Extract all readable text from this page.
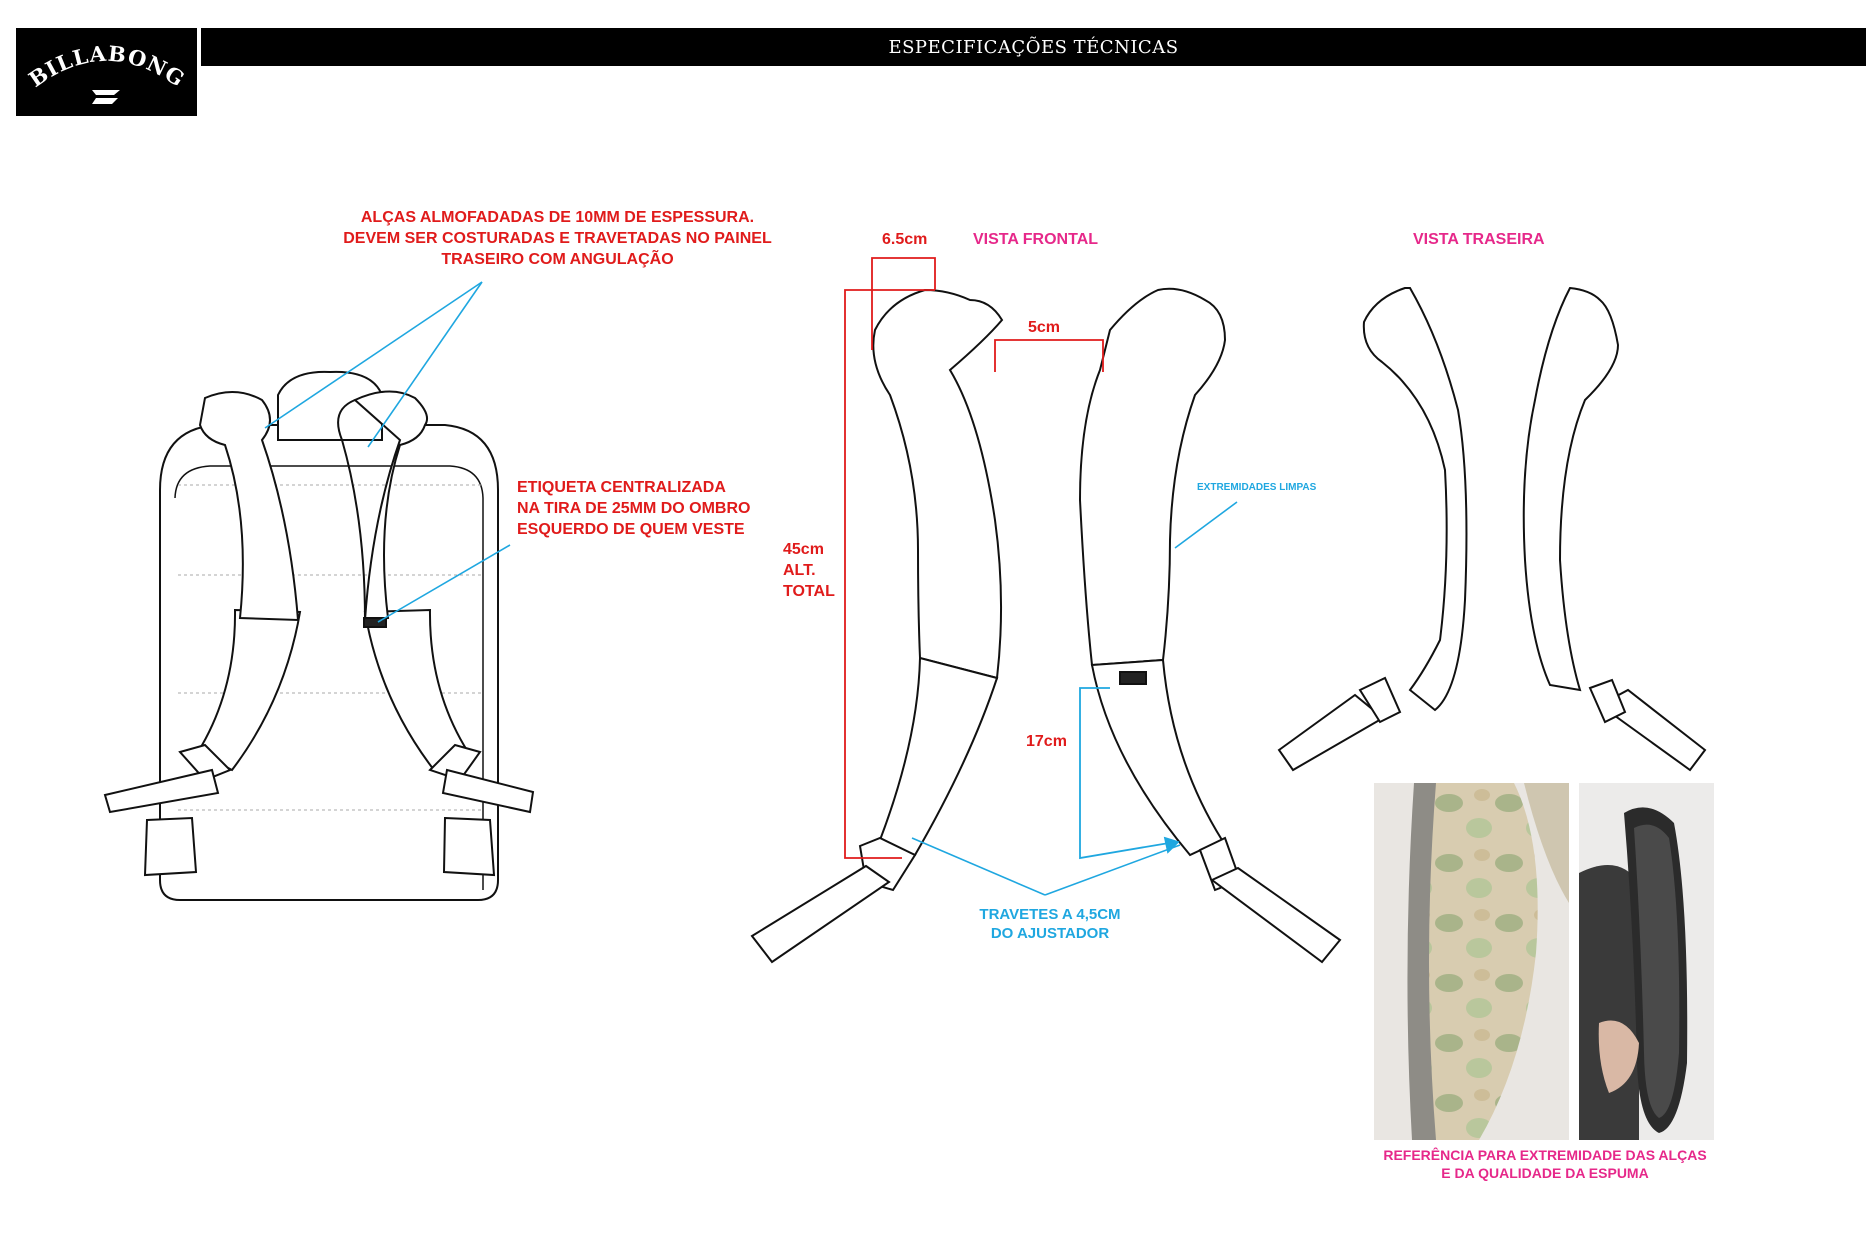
BILLABONG
ESPECIFICAÇÕES TÉCNICAS
ALÇAS ALMOFADADAS DE 10MM DE ESPESSURA.
DEVEM SER COSTURADAS E TRAVETADAS NO PAINEL
TRASEIRO COM ANGULAÇÃO
ETIQUETA CENTRALIZADA
NA TIRA DE 25MM DO OMBRO
ESQUERDO DE QUEM VESTE
VISTA FRONTAL	VISTA TRASEIRA
6.5cm
5cm
45cm
ALT.
TOTAL
17cm
EXTREMIDADES LIMPAS
TRAVETES A 4,5CM
DO AJUSTADOR
REFERÊNCIA PARA EXTREMIDADE DAS ALÇAS
E DA QUALIDADE DA ESPUMA
